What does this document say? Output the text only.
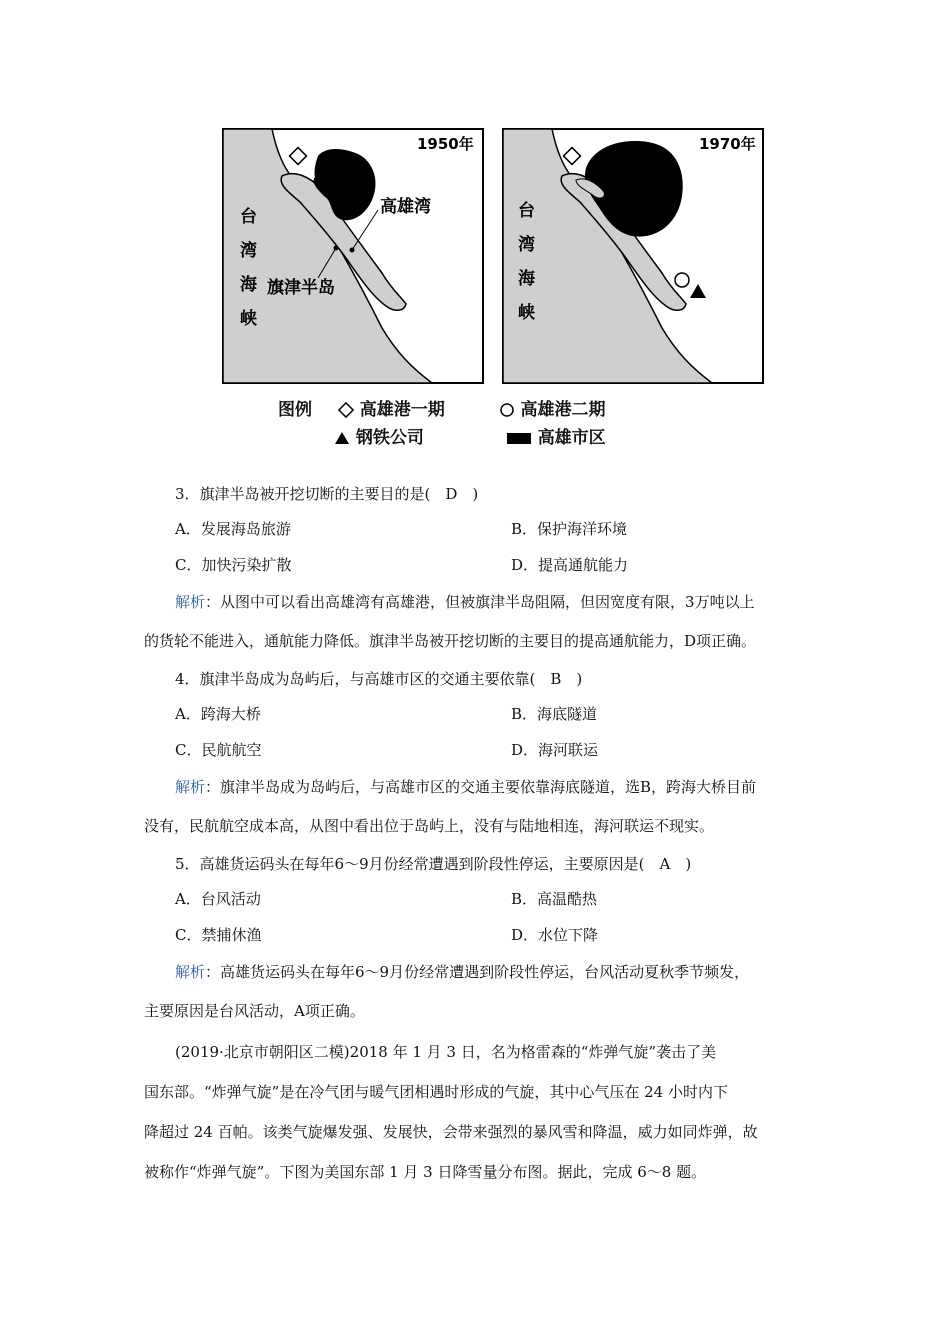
1950年
高雄湾
旗津半岛
台
湾
海
峡
1970年
台
湾
海
峡
图例	高雄港一期	高雄港二期
钢铁公司	高雄市区
3．旗津半岛被开挖切断的主要目的是(　D　)
A．发展海岛旅游	B．保护海洋环境
C．加快污染扩散	D．提高通航能力
解析：从图中可以看出高雄湾有高雄港，但被旗津半岛阻隔，但因宽度有限，3万吨以上
的货轮不能进入，通航能力降低。旗津半岛被开挖切断的主要目的提高通航能力，D项正确。
4．旗津半岛成为岛屿后，与高雄市区的交通主要依靠(　B　)
A．跨海大桥	B．海底隧道
C．民航航空	D．海河联运
解析：旗津半岛成为岛屿后，与高雄市区的交通主要依靠海底隧道，选B，跨海大桥目前
没有，民航航空成本高，从图中看出位于岛屿上，没有与陆地相连，海河联运不现实。
5．高雄货运码头在每年6～9月份经常遭遇到阶段性停运，主要原因是(　A　)
A．台风活动	B．高温酷热
C．禁捕休渔	D．水位下降
解析：高雄货运码头在每年6～9月份经常遭遇到阶段性停运，台风活动夏秋季节频发，
主要原因是台风活动，A项正确。
(2019·北京市朝阳区二模)2018 年 1 月 3 日，名为格雷森的“炸弹气旋”袭击了美
国东部。“炸弹气旋”是在冷气团与暖气团相遇时形成的气旋，其中心气压在 24 小时内下
降超过 24 百帕。该类气旋爆发强、发展快，会带来强烈的暴风雪和降温，威力如同炸弹，故
被称作“炸弹气旋”。下图为美国东部 1 月 3 日降雪量分布图。据此，完成 6～8 题。
